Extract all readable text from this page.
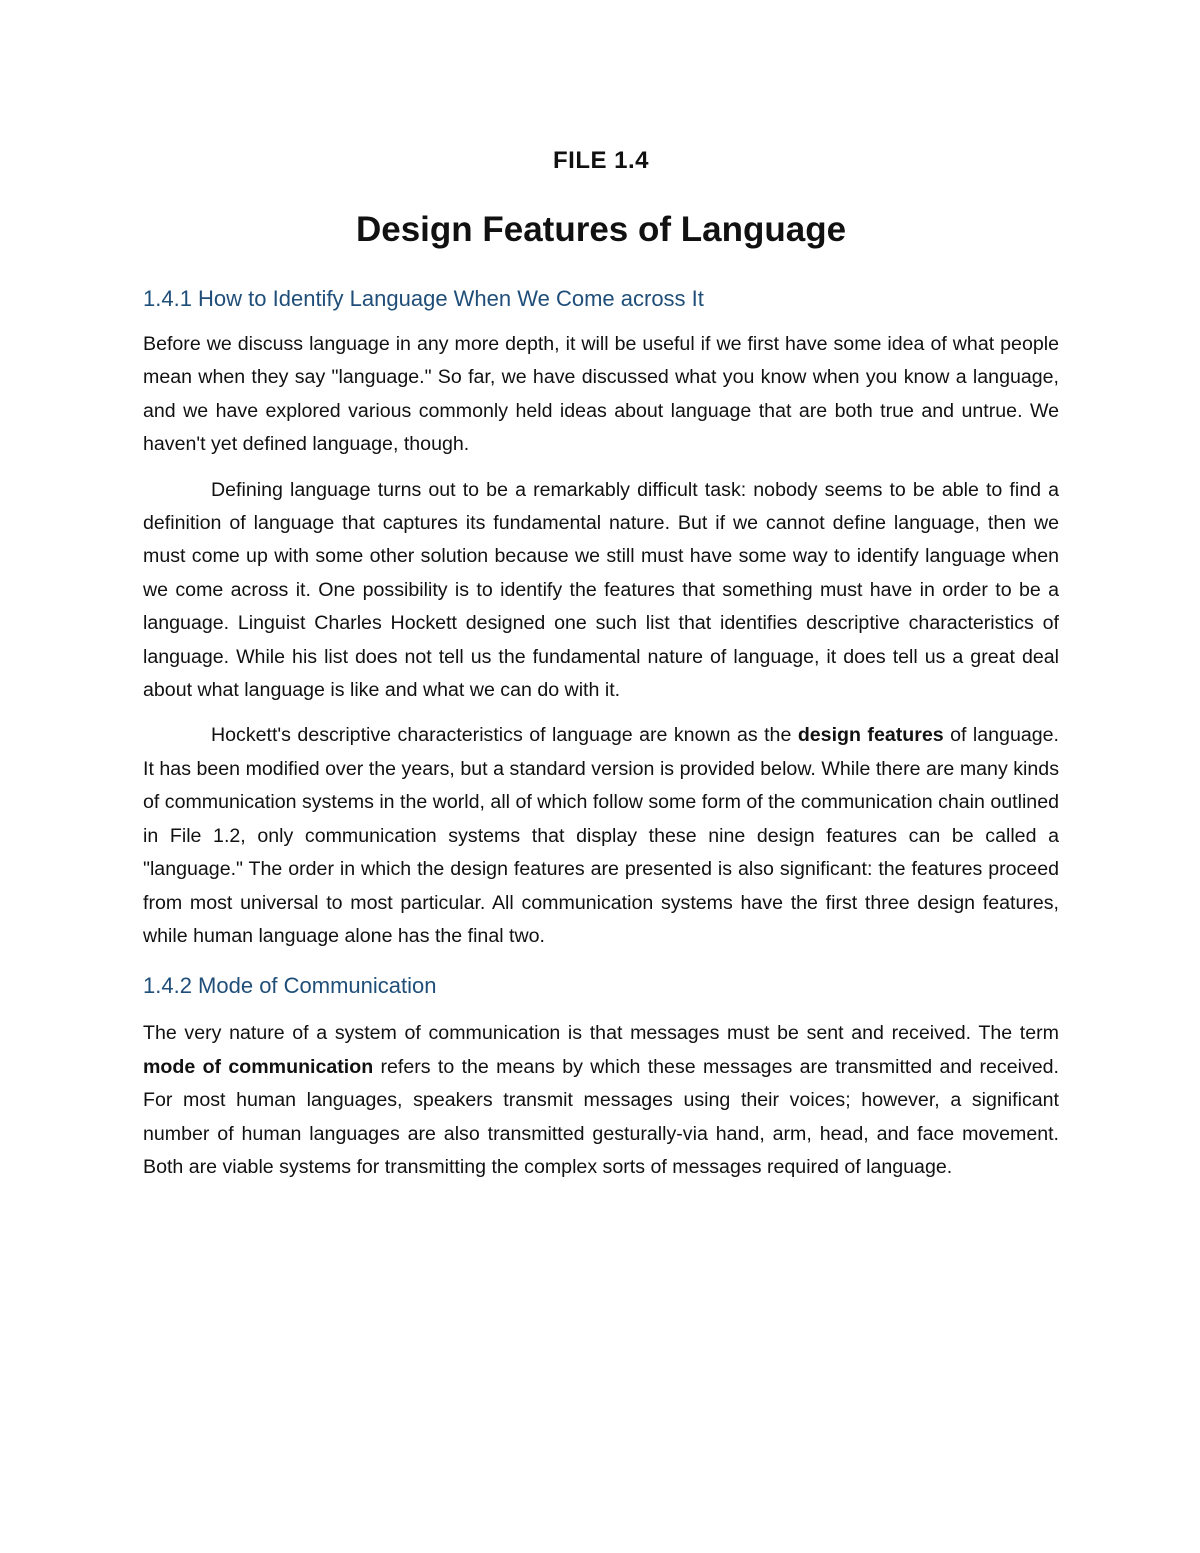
FILE 1.4
Design Features of Language
1.4.1 How to Identify Language When We Come across It

Before we discuss language in any more depth, it will be useful if we first have some idea of what people mean when they say "language." So far, we have discussed what you know when you know a language, and we have explored various commonly held ideas about language that are both true and untrue. We haven't yet defined language, though.

Defining language turns out to be a remarkably difficult task: nobody seems to be able to find a definition of language that captures its fundamental nature. But if we cannot define language, then we must come up with some other solution because we still must have some way to identify language when we come across it. One possibility is to identify the features that something must have in order to be a language. Linguist Charles Hockett designed one such list that identifies descriptive characteristics of language. While his list does not tell us the fundamental nature of language, it does tell us a great deal about what language is like and what we can do with it.

Hockett's descriptive characteristics of language are known as the design features of language. It has been modified over the years, but a standard version is provided below. While there are many kinds of communication systems in the world, all of which follow some form of the communication chain outlined in File 1.2, only communication systems that display these nine design features can be called a "language." The order in which the design features are presented is also significant: the features proceed from most universal to most particular. All communication systems have the first three design features, while human language alone has the final two.

1.4.2 Mode of Communication

The very nature of a system of communication is that messages must be sent and received. The term mode of communication refers to the means by which these messages are transmitted and received. For most human languages, speakers transmit messages using their voices; however, a significant number of human languages are also transmitted gesturally-via hand, arm, head, and face movement. Both are viable systems for transmitting the complex sorts of messages required of language.
